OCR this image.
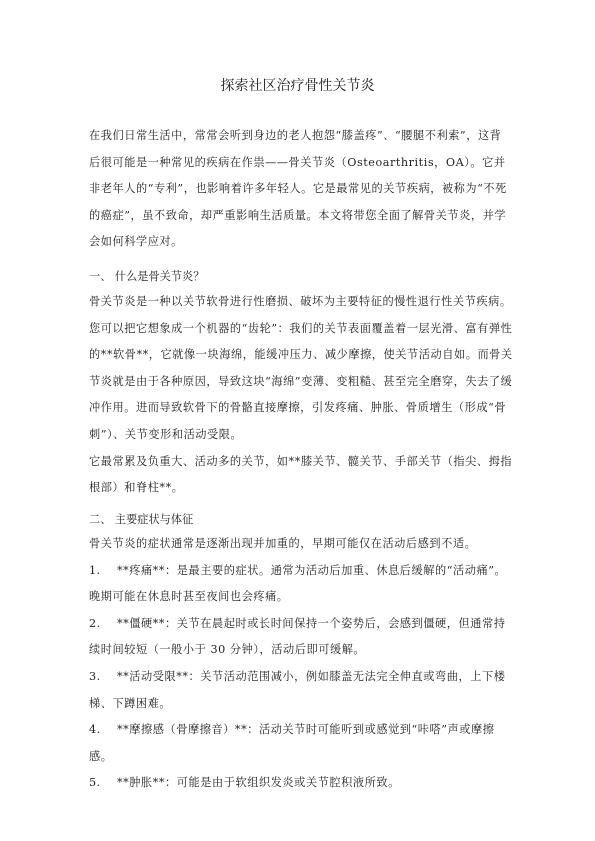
探索社区治疗骨性关节炎

在我们日常生活中，常常会听到身边的老人抱怨“膝盖疼”、“腰腿不利索”，这背后很可能是一种常见的疾病在作祟——骨关节炎（Osteoarthritis，OA）。它并非老年人的“专利”，也影响着许多年轻人。它是最常见的关节疾病，被称为“不死的癌症”，虽不致命，却严重影响生活质量。本文将带您全面了解骨关节炎，并学会如何科学应对。

一、 什么是骨关节炎？

骨关节炎是一种以关节软骨进行性磨损、破坏为主要特征的慢性退行性关节疾病。您可以把它想象成一个机器的“齿轮”：我们的关节表面覆盖着一层光滑、富有弹性的**软骨**，它就像一块海绵，能缓冲压力、减少摩擦，使关节活动自如。而骨关节炎就是由于各种原因，导致这块“海绵”变薄、变粗糙、甚至完全磨穿，失去了缓冲作用。进而导致软骨下的骨骼直接摩擦，引发疼痛、肿胀、骨质增生（形成“骨刺”）、关节变形和活动受限。

它最常累及负重大、活动多的关节，如**膝关节、髋关节、手部关节（指尖、拇指根部）和脊柱**。

二、 主要症状与体征

骨关节炎的症状通常是逐渐出现并加重的，早期可能仅在活动后感到不适。

1. **疼痛**：是最主要的症状。通常为活动后加重、休息后缓解的“活动痛”。晚期可能在休息时甚至夜间也会疼痛。

2. **僵硬**：关节在晨起时或长时间保持一个姿势后，会感到僵硬，但通常持续时间较短（一般小于 30 分钟），活动后即可缓解。

3. **活动受限**：关节活动范围减小，例如膝盖无法完全伸直或弯曲，上下楼梯、下蹲困难。

4. **摩擦感（骨摩擦音）**：活动关节时可能听到或感觉到“咔嗒”声或摩擦感。

5. **肿胀**：可能是由于软组织发炎或关节腔积液所致。
